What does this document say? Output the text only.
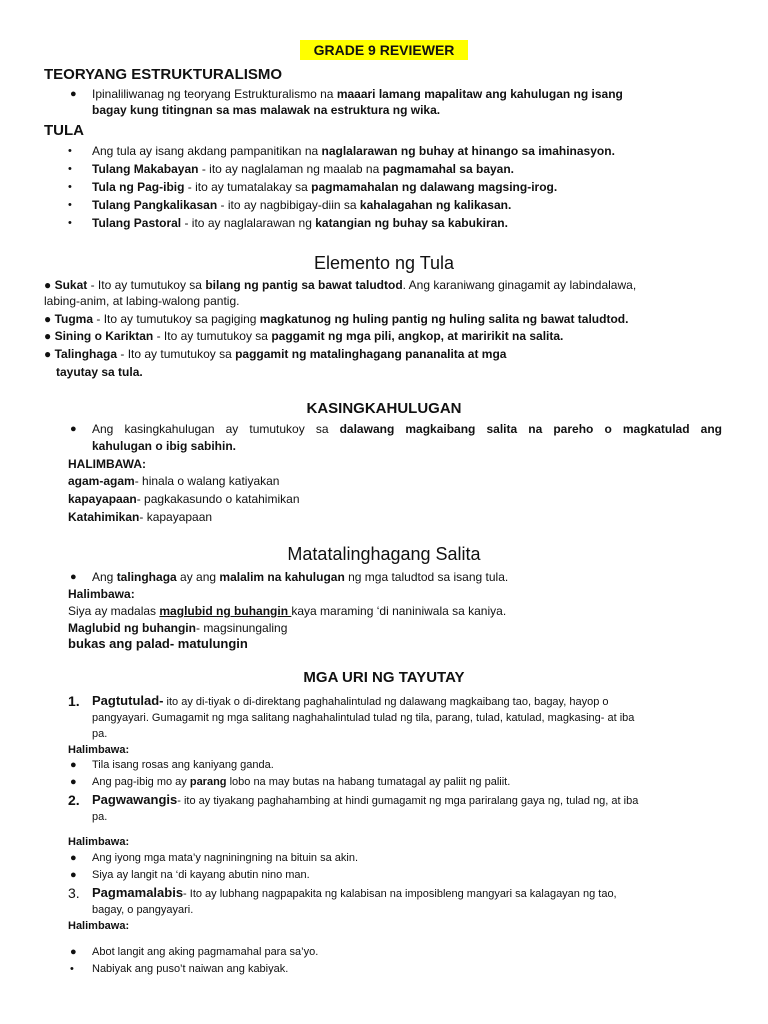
GRADE 9 REVIEWER
TEORYANG ESTRUKTURALISMO
● Ipinaliliwanag ng teoryang Estrukturalismo na maaari lamang mapalitaw ang kahulugan ng isang
bagay kung titingnan sa mas malawak na estruktura ng wika.
TULA
• Ang tula ay isang akdang pampanitikan na naglalarawan ng buhay at hinango sa imahinasyon.
• Tulang Makabayan - ito ay naglalaman ng maalab na pagmamahal sa bayan.
• Tula ng Pag-ibig - ito ay tumatalakay sa pagmamahalan ng dalawang magsing-irog.
• Tulang Pangkalikasan - ito ay nagbibigay-diin sa kahalagahan ng kalikasan.
• Tulang Pastoral - ito ay naglalarawan ng katangian ng buhay sa kabukiran.
Elemento ng Tula
● Sukat - Ito ay tumutukoy sa bilang ng pantig sa bawat taludtod. Ang karaniwang ginagamit ay labindalawa,
labing-anim, at labing-walong pantig.
● Tugma - Ito ay tumutukoy sa pagiging magkatunog ng huling pantig ng huling salita ng bawat taludtod.
● Sining o Kariktan - Ito ay tumutukoy sa paggamit ng mga pili, angkop, at maririkit na salita.
● Talinghaga - Ito ay tumutukoy sa paggamit ng matalinghagang pananalita at mga
tayutay sa tula.
KASINGKAHULUGAN
● Ang kasingkahulugan ay tumutukoy sa dalawang magkaibang salita na pareho o magkatulad ang
kahulugan o ibig sabihin.
HALIMBAWA:
agam-agam- hinala o walang katiyakan
kapayapaan- pagkakasundo o katahimikan
Katahimikan- kapayapaan
Matatalinghagang Salita
● Ang talinghaga ay ang malalim na kahulugan ng mga taludtod sa isang tula.
Halimbawa:
Siya ay madalas maglubid ng buhangin kaya maraming ‘di naniniwala sa kaniya.
Maglubid ng buhangin- magsinungaling
bukas ang palad- matulungin
MGA URI NG TAYUTAY
1. Pagtutulad- ito ay di-tiyak o di-direktang paghahalintulad ng dalawang magkaibang tao, bagay, hayop o
pangyayari. Gumagamit ng mga salitang naghahalintulad tulad ng tila, parang, tulad, katulad, magkasing- at iba
pa.
Halimbawa:
● Tila isang rosas ang kaniyang ganda.
● Ang pag-ibig mo ay parang lobo na may butas na habang tumatagal ay paliit ng paliit.
2. Pagwawangis- ito ay tiyakang paghahambing at hindi gumagamit ng mga pariralang gaya ng, tulad ng, at iba
pa.
Halimbawa:
● Ang iyong mga mata’y nagniningning na bituin sa akin.
● Siya ay langit na ‘di kayang abutin nino man.
3. Pagmamalabis- Ito ay lubhang nagpapakita ng kalabisan na imposibleng mangyari sa kalagayan ng tao,
bagay, o pangyayari.
Halimbawa:
● Abot langit ang aking pagmamahal para sa’yo.
• Nabiyak ang puso’t naiwan ang kabiyak.
